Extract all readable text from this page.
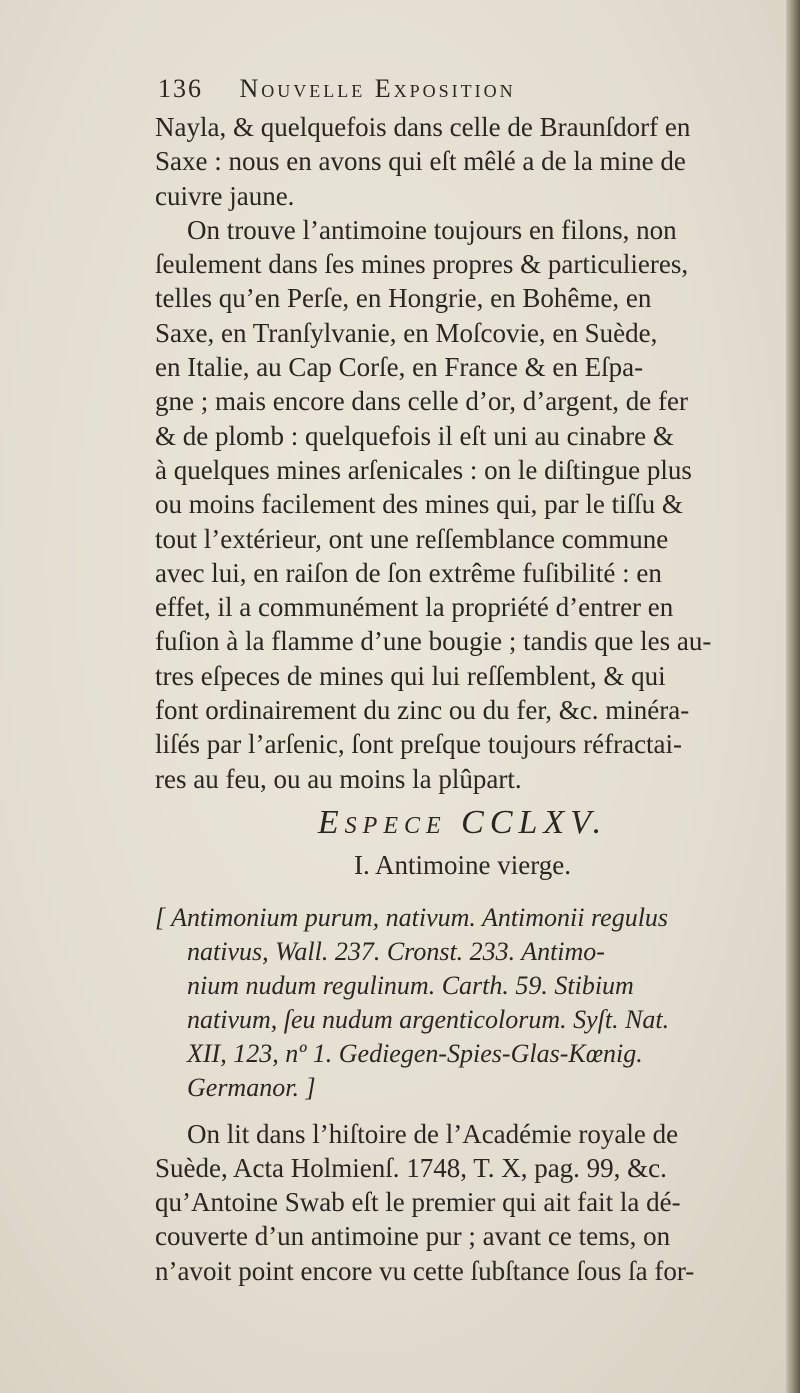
136 Nouvelle Exposition
Nayla, & quelquefois dans celle de Braunſdorf en
Saxe : nous en avons qui eſt mêlé a de la mine de
cuivre jaune.
On trouve l’antimoine toujours en filons, non
ſeulement dans ſes mines propres & particulieres,
telles qu’en Perſe, en Hongrie, en Bohême, en
Saxe, en Tranſylvanie, en Moſcovie, en Suède,
en Italie, au Cap Corſe, en France & en Eſpa-
gne ; mais encore dans celle d’or, d’argent, de fer
& de plomb : quelquefois il eſt uni au cinabre &
à quelques mines arſenicales : on le diſtingue plus
ou moins facilement des mines qui, par le tiſſu &
tout l’extérieur, ont une reſſemblance commune
avec lui, en raiſon de ſon extrême fuſibilité : en
effet, il a communément la propriété d’entrer en
fuſion à la flamme d’une bougie ; tandis que les au-
tres eſpeces de mines qui lui reſſemblent, & qui
font ordinairement du zinc ou du fer, &c. minéra-
liſés par l’arſenic, ſont preſque toujours réfractai-
res au feu, ou au moins la plûpart.
Espece CCLXV.
I. Antimoine vierge.
[ Antimonium purum, nativum. Antimonii regulus
nativus, Wall. 237. Cronst. 233. Antimo-
nium nudum regulinum. Carth. 59. Stibium
nativum, ſeu nudum argenticolorum. Syſt. Nat.
XII, 123, nº 1. Gediegen-Spies-Glas-Kœnig.
Germanor. ]
On lit dans l’hiſtoire de l’Académie royale de
Suède, Acta Holmienſ. 1748, T. X, pag. 99, &c.
qu’Antoine Swab eſt le premier qui ait fait la dé-
couverte d’un antimoine pur ; avant ce tems, on
n’avoit point encore vu cette ſubſtance ſous ſa for-
